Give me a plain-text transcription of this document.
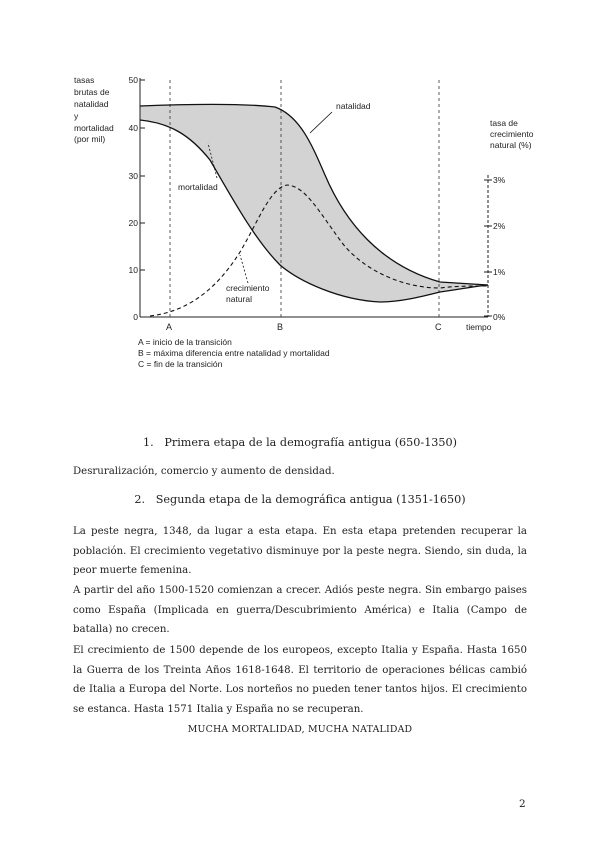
tasas brutas de natalidad y mortalidad (por mil)
50
40
30
20
10
0
tasa de crecimiento natural (%)
3%
2%
1%
0%
A	B	C	tiempo
natalidad
mortalidad
crecimiento natural
A = inicio de la transición
B = máxima diferencia entre natalidad y mortalidad
C = fin de la transición
1. Primera etapa de la demografía antigua (650-1350)

Desruralización, comercio y aumento de densidad.

2. Segunda etapa de la demográfica antigua (1351-1650)

La peste negra, 1348, da lugar a esta etapa. En esta etapa pretenden recuperar la población. El crecimiento vegetativo disminuye por la peste negra. Siendo, sin duda, la peor muerte femenina.

A partir del año 1500-1520 comienzan a crecer. Adiós peste negra. Sin embargo paises como España (Implicada en guerra/Descubrimiento América) e Italia (Campo de batalla) no crecen.

El crecimiento de 1500 depende de los europeos, excepto Italia y España. Hasta 1650 la Guerra de los Treinta Años 1618-1648. El territorio de operaciones bélicas cambió de Italia a Europa del Norte. Los norteños no pueden tener tantos hijos. El crecimiento se estanca. Hasta 1571 Italia y España no se recuperan.

MUCHA MORTALIDAD, MUCHA NATALIDAD
2
